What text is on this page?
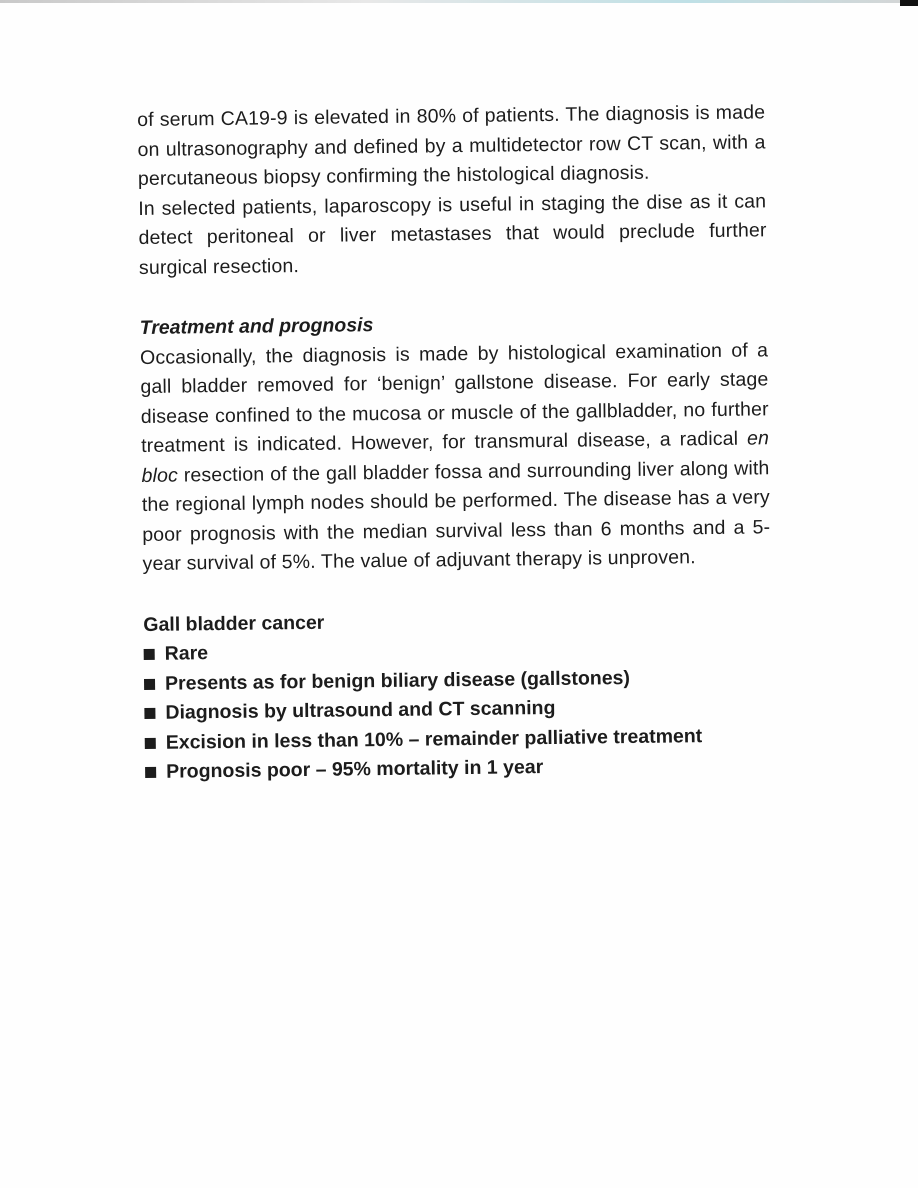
of serum CA19-9 is elevated in 80% of patients. The diagnosis is made on ultrasonography and defined by a multidetector row CT scan, with a percutaneous biopsy confirming the histological diagnosis.

In selected patients, laparoscopy is useful in staging the dise as it can detect peritoneal or liver metastases that would preclude further surgical resection.

Treatment and prognosis

Occasionally, the diagnosis is made by histological examination of a gall bladder removed for ‘benign’ gallstone disease. For early stage disease confined to the mucosa or muscle of the gallbladder, no further treatment is indicated. However, for transmural disease, a radical en bloc resection of the gall bladder fossa and surrounding liver along with the regional lymph nodes should be performed. The disease has a very poor prognosis with the median survival less than 6 months and a 5-year survival of 5%. The value of adjuvant therapy is unproven.

Gall bladder cancer
Rare
Presents as for benign biliary disease (gallstones)
Diagnosis by ultrasound and CT scanning
Excision in less than 10% – remainder palliative treatment
Prognosis poor – 95% mortality in 1 year
